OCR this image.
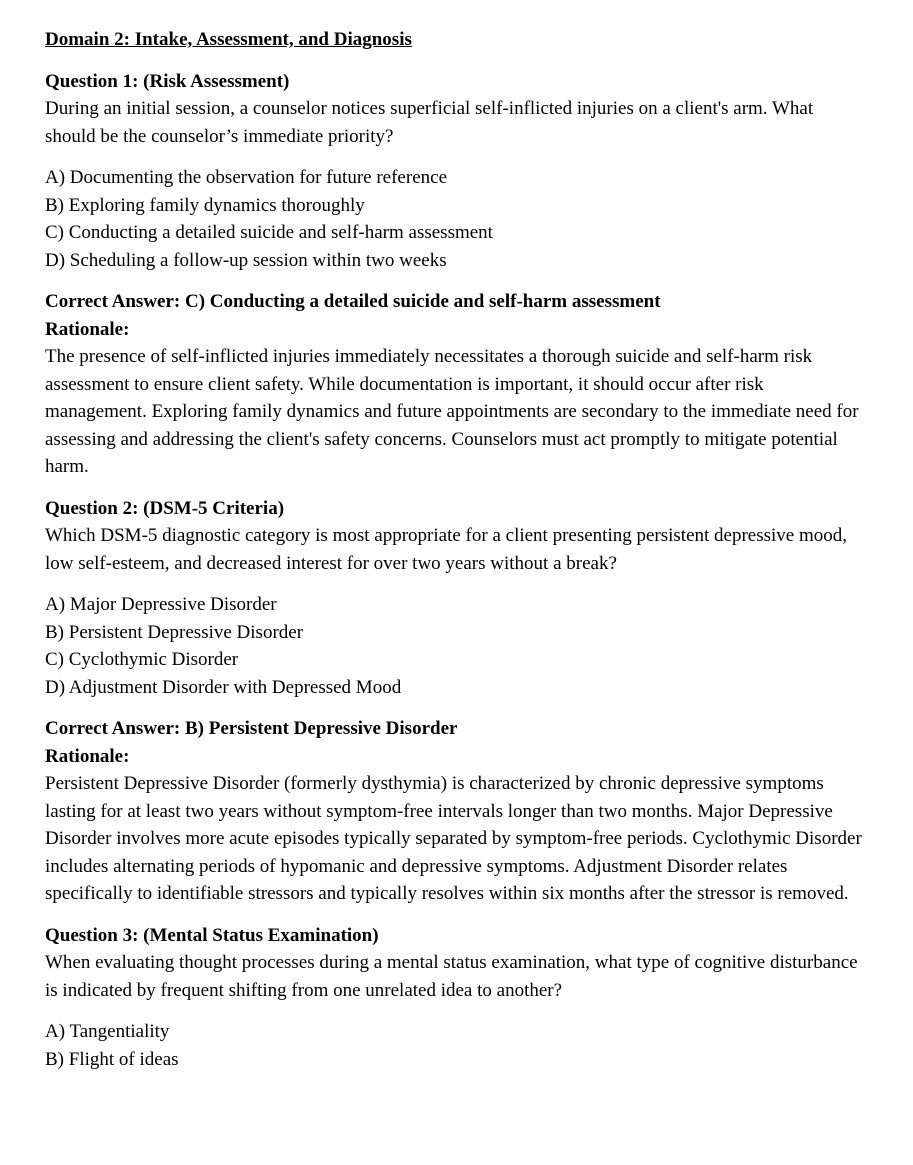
Domain 2: Intake, Assessment, and Diagnosis
Question 1: (Risk Assessment)
During an initial session, a counselor notices superficial self-inflicted injuries on a client's arm. What should be the counselor’s immediate priority?
A) Documenting the observation for future reference
B) Exploring family dynamics thoroughly
C) Conducting a detailed suicide and self-harm assessment
D) Scheduling a follow-up session within two weeks
Correct Answer: C) Conducting a detailed suicide and self-harm assessment
Rationale:
The presence of self-inflicted injuries immediately necessitates a thorough suicide and self-harm risk assessment to ensure client safety. While documentation is important, it should occur after risk management. Exploring family dynamics and future appointments are secondary to the immediate need for assessing and addressing the client's safety concerns. Counselors must act promptly to mitigate potential harm.
Question 2: (DSM-5 Criteria)
Which DSM-5 diagnostic category is most appropriate for a client presenting persistent depressive mood, low self-esteem, and decreased interest for over two years without a break?
A) Major Depressive Disorder
B) Persistent Depressive Disorder
C) Cyclothymic Disorder
D) Adjustment Disorder with Depressed Mood
Correct Answer: B) Persistent Depressive Disorder
Rationale:
Persistent Depressive Disorder (formerly dysthymia) is characterized by chronic depressive symptoms lasting for at least two years without symptom-free intervals longer than two months. Major Depressive Disorder involves more acute episodes typically separated by symptom-free periods. Cyclothymic Disorder includes alternating periods of hypomanic and depressive symptoms. Adjustment Disorder relates specifically to identifiable stressors and typically resolves within six months after the stressor is removed.
Question 3: (Mental Status Examination)
When evaluating thought processes during a mental status examination, what type of cognitive disturbance is indicated by frequent shifting from one unrelated idea to another?
A) Tangentiality
B) Flight of ideas
